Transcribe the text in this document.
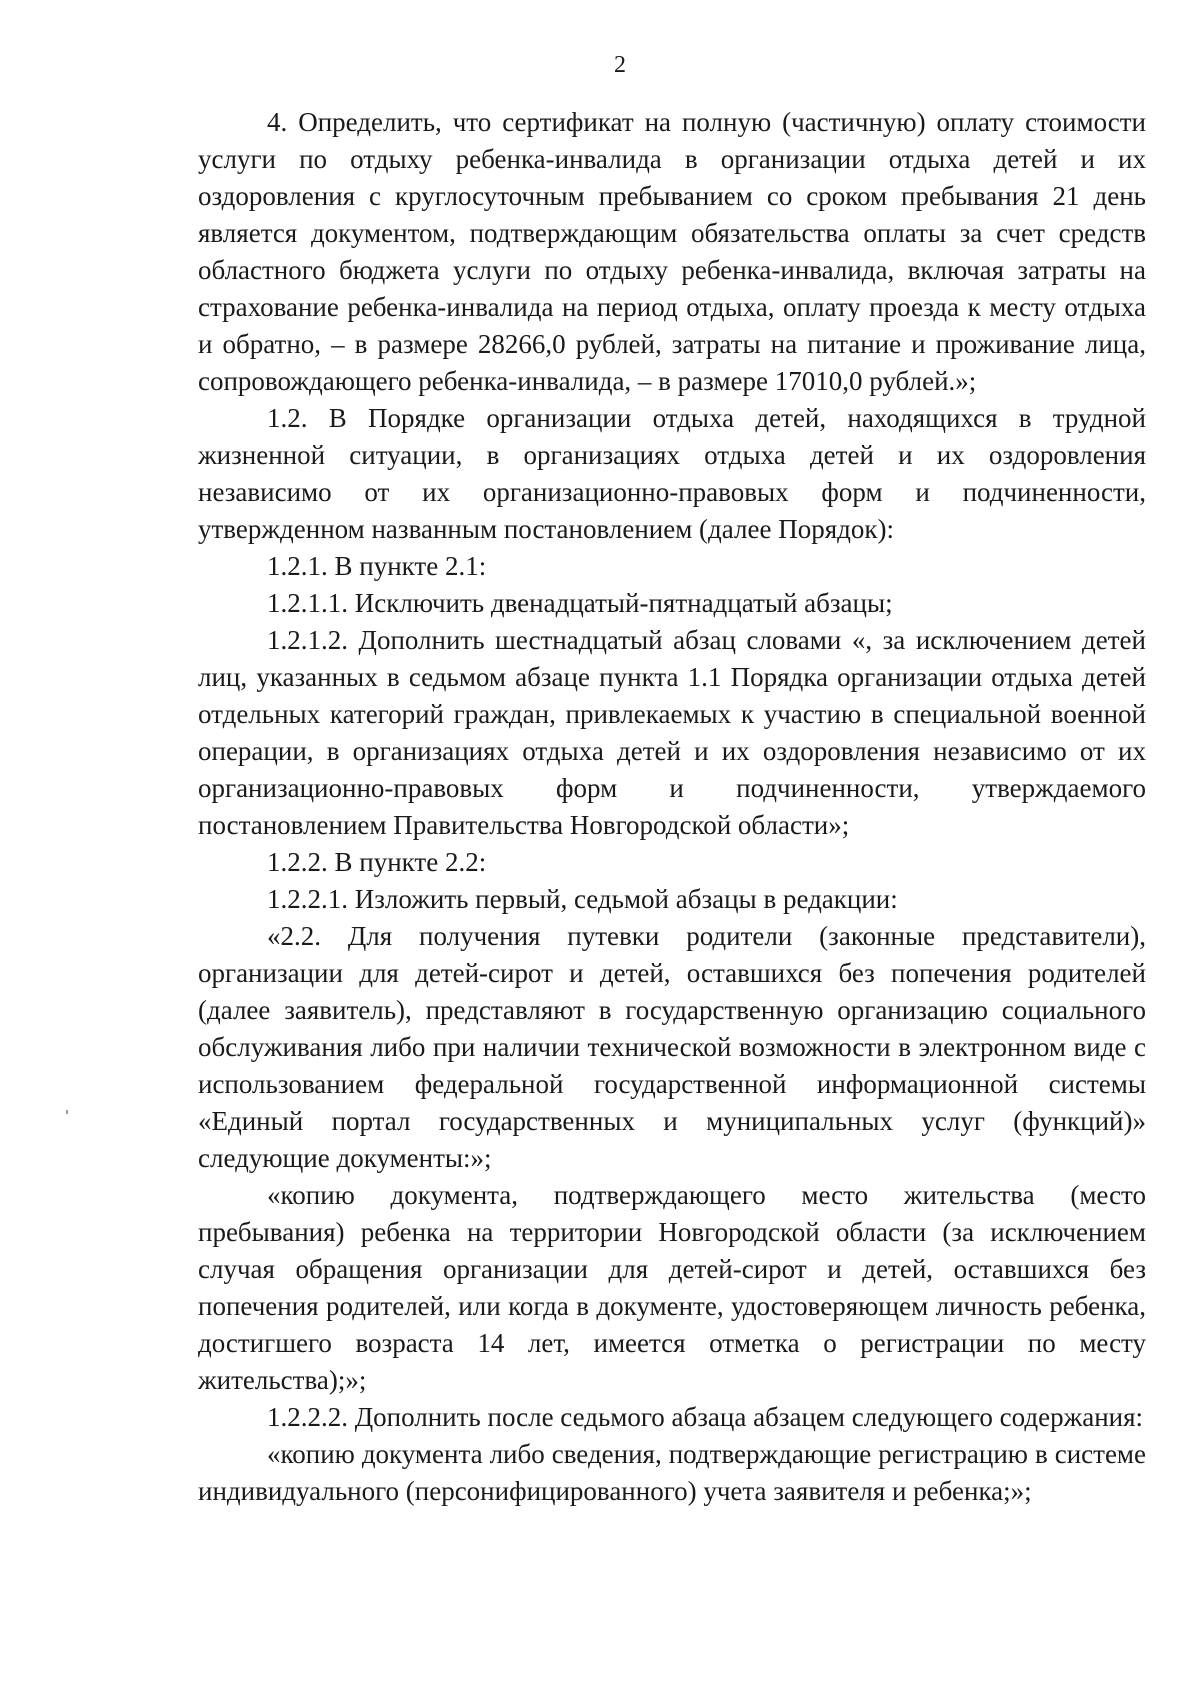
2

4. Определить, что сертификат на полную (частичную) оплату стоимости услуги по отдыху ребенка-инвалида в организации отдыха детей и их оздоровления с круглосуточным пребыванием со сроком пребывания 21 день является документом, подтверждающим обязательства оплаты за счет средств областного бюджета услуги по отдыху ребенка-инвалида, включая затраты на страхование ребенка-инвалида на период отдыха, оплату проезда к месту отдыха и обратно, – в размере 28266,0 рублей, затраты на питание и проживание лица, сопровождающего ребенка-инвалида, – в размере 17010,0 рублей.»;

1.2. В Порядке организации отдыха детей, находящихся в трудной жизненной ситуации, в организациях отдыха детей и их оздоровления независимо от их организационно-правовых форм и подчиненности, утвержденном названным постановлением (далее Порядок):

1.2.1. В пункте 2.1:

1.2.1.1. Исключить двенадцатый-пятнадцатый абзацы;

1.2.1.2. Дополнить шестнадцатый абзац словами «, за исключением детей лиц, указанных в седьмом абзаце пункта 1.1 Порядка организации отдыха детей отдельных категорий граждан, привлекаемых к участию в специальной военной операции, в организациях отдыха детей и их оздоровления независимо от их организационно-правовых форм и подчиненности, утверждаемого постановлением Правительства Новгородской области»;

1.2.2. В пункте 2.2:

1.2.2.1. Изложить первый, седьмой абзацы в редакции:

«2.2. Для получения путевки родители (законные представители), организации для детей-сирот и детей, оставшихся без попечения родителей (далее заявитель), представляют в государственную организацию социального обслуживания либо при наличии технической возможности в электронном виде с использованием федеральной государственной информационной системы «Единый портал государственных и муниципальных услуг (функций)» следующие документы:»;

«копию документа, подтверждающего место жительства (место пребывания) ребенка на территории Новгородской области (за исключением случая обращения организации для детей-сирот и детей, оставшихся без попечения родителей, или когда в документе, удостоверяющем личность ребенка, достигшего возраста 14 лет, имеется отметка о регистрации по месту жительства);»;

1.2.2.2. Дополнить после седьмого абзаца абзацем следующего содержания:

«копию документа либо сведения, подтверждающие регистрацию в системе индивидуального (персонифицированного) учета заявителя и ребенка;»;
